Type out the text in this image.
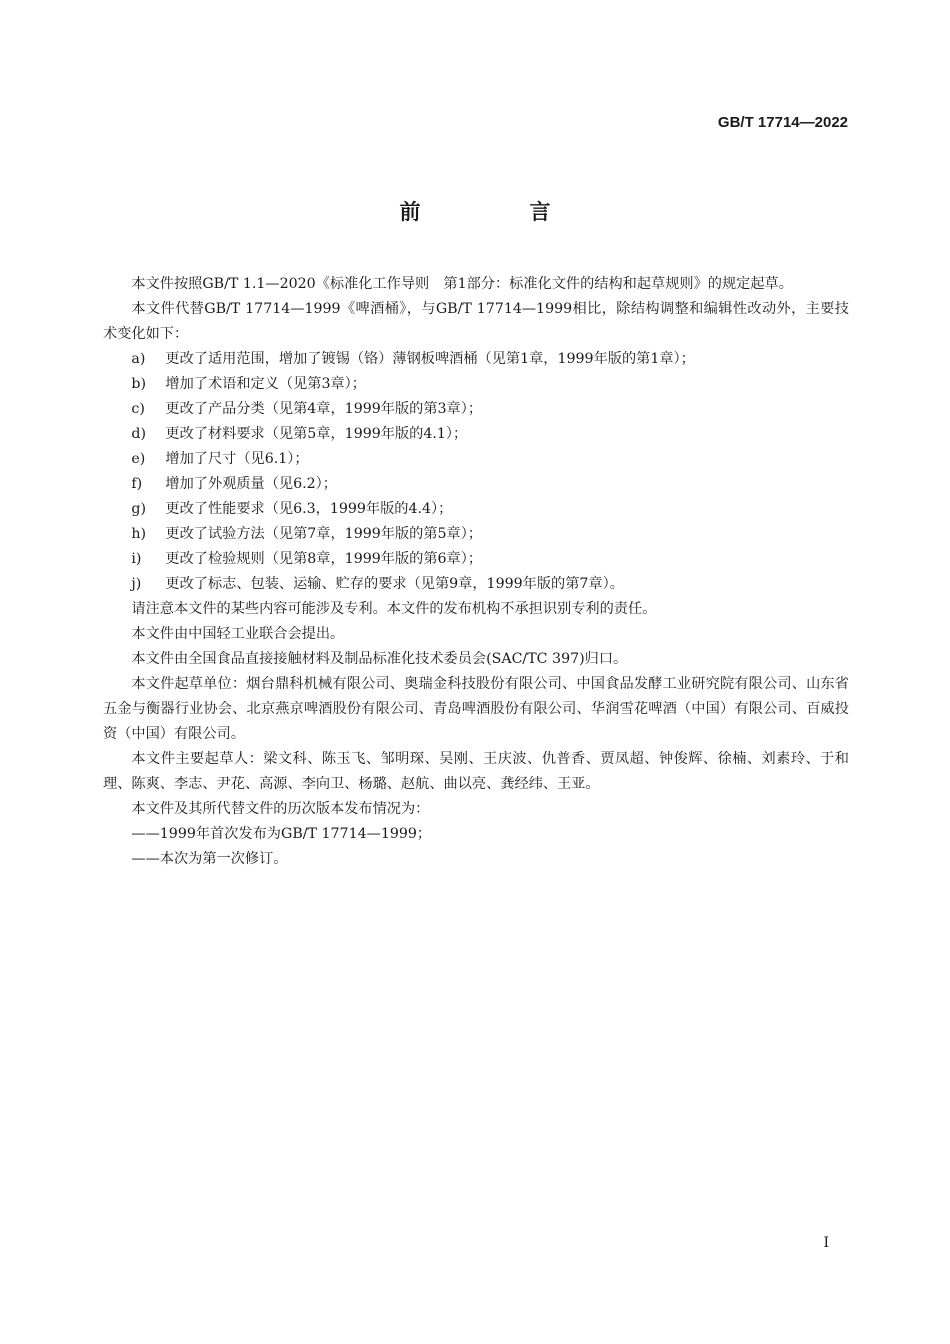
GB/T 17714—2022
前　言

本文件按照GB/T 1.1—2020《标准化工作导则　第1部分：标准化文件的结构和起草规则》的规定起草。

本文件代替GB/T 17714—1999《啤酒桶》，与GB/T 17714—1999相比，除结构调整和编辑性改动外，主要技术变化如下：

a) 更改了适用范围，增加了镀锡（铬）薄钢板啤酒桶（见第1章，1999年版的第1章）；
b) 增加了术语和定义（见第3章）；
c) 更改了产品分类（见第4章，1999年版的第3章）；
d) 更改了材料要求（见第5章，1999年版的4.1）；
e) 增加了尺寸（见6.1）；
f) 增加了外观质量（见6.2）；
g) 更改了性能要求（见6.3，1999年版的4.4）；
h) 更改了试验方法（见第7章，1999年版的第5章）；
i) 更改了检验规则（见第8章，1999年版的第6章）；
j) 更改了标志、包装、运输、贮存的要求（见第9章，1999年版的第7章）。

请注意本文件的某些内容可能涉及专利。本文件的发布机构不承担识别专利的责任。

本文件由中国轻工业联合会提出。

本文件由全国食品直接接触材料及制品标准化技术委员会(SAC/TC 397)归口。

本文件起草单位：烟台鼎科机械有限公司、奥瑞金科技股份有限公司、中国食品发酵工业研究院有限公司、山东省五金与衡器行业协会、北京燕京啤酒股份有限公司、青岛啤酒股份有限公司、华润雪花啤酒（中国）有限公司、百威投资（中国）有限公司。

本文件主要起草人：梁文科、陈玉飞、邹明琛、吴刚、王庆波、仇普香、贾凤超、钟俊辉、徐楠、刘素玲、于和理、陈爽、李志、尹花、高源、李向卫、杨璐、赵航、曲以亮、龚经纬、王亚。

本文件及其所代替文件的历次版本发布情况为：

——1999年首次发布为GB/T 17714—1999；

——本次为第一次修订。

I
